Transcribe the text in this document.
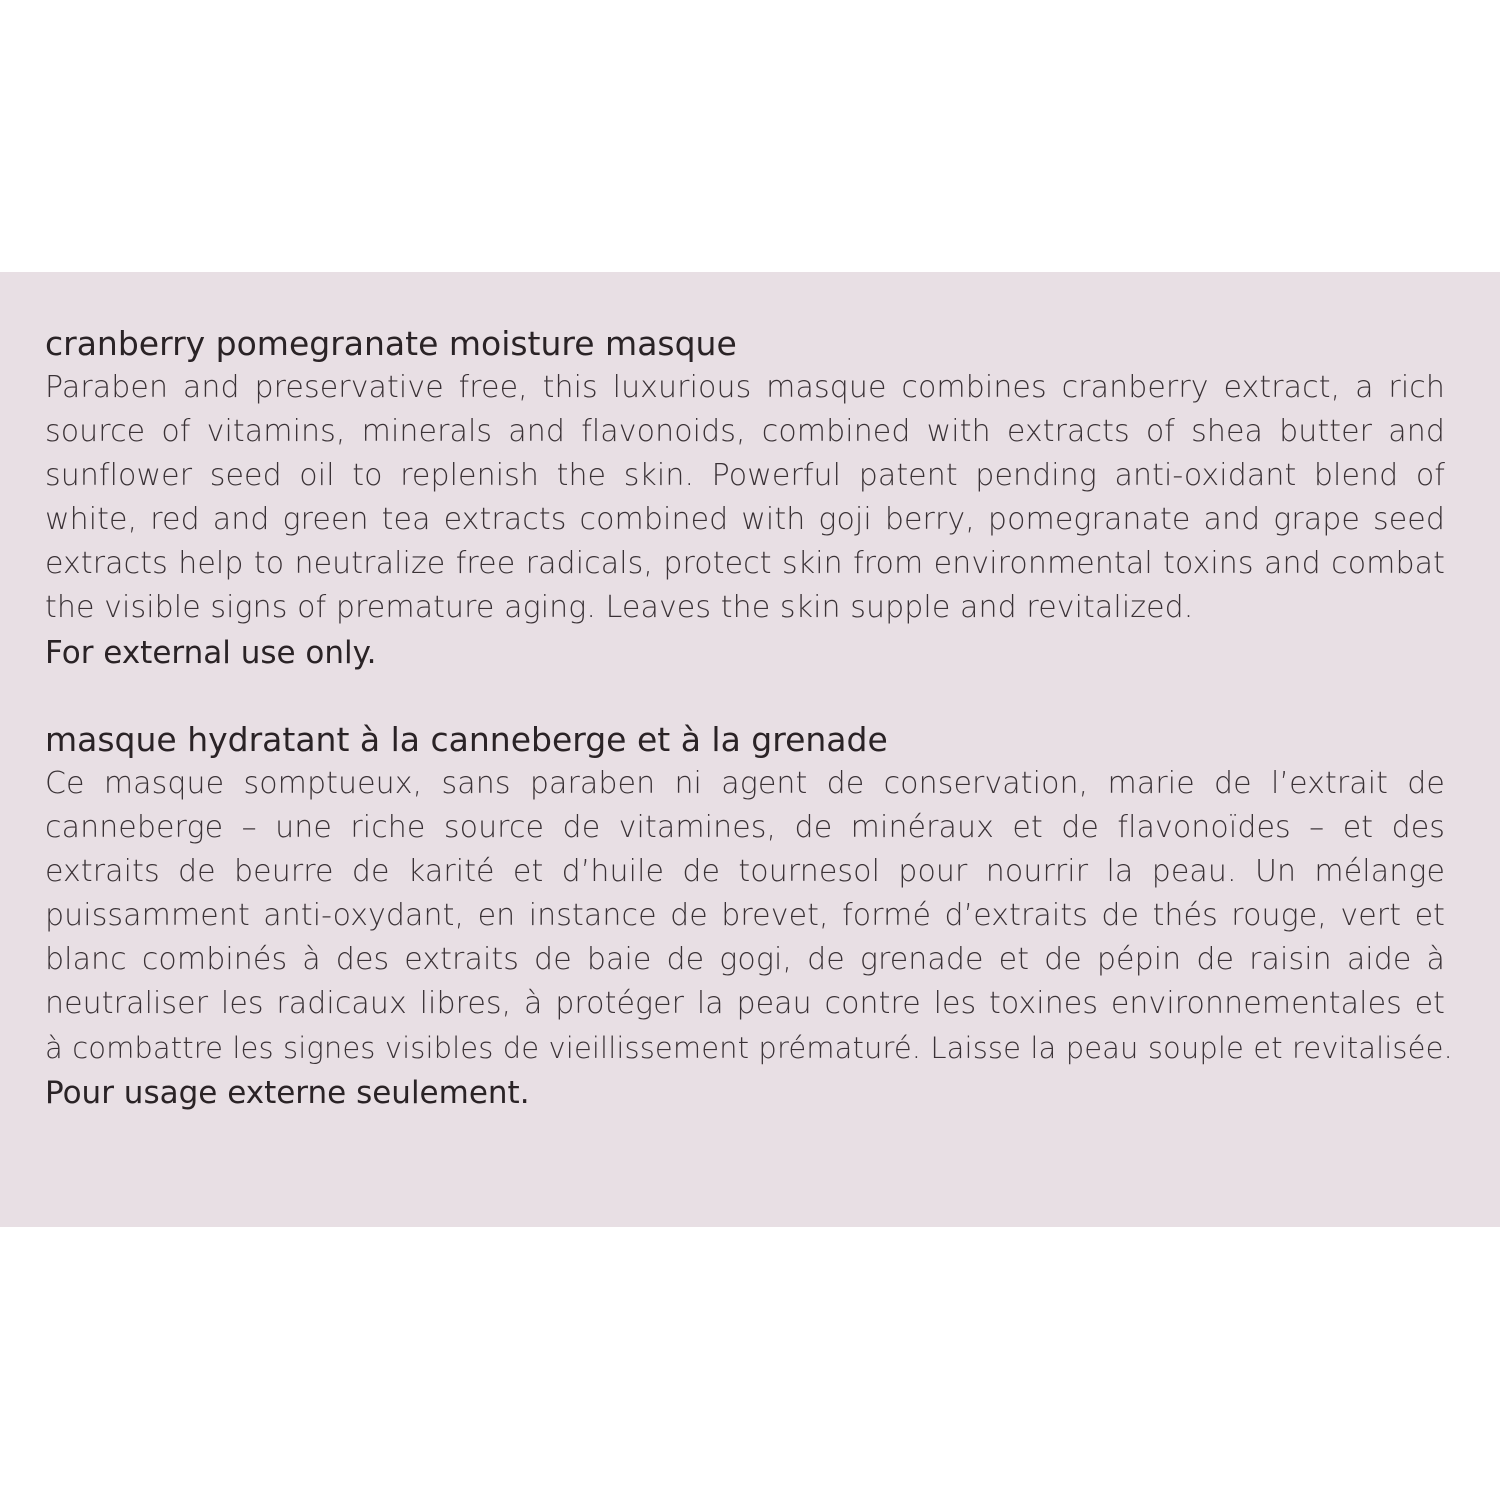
cranberry pomegranate moisture masque

Paraben and preservative free, this luxurious masque combines cranberry extract, a rich
source of vitamins, minerals and flavonoids, combined with extracts of shea butter and
sunflower seed oil to replenish the skin. Powerful patent pending anti-oxidant blend of
white, red and green tea extracts combined with goji berry, pomegranate and grape seed
extracts help to neutralize free radicals, protect skin from environmental toxins and combat
the visible signs of premature aging. Leaves the skin supple and revitalized.

For external use only.

masque hydratant à la canneberge et à la grenade

Ce masque somptueux, sans paraben ni agent de conservation, marie de l’extrait de
canneberge – une riche source de vitamines, de minéraux et de flavonoïdes – et des
extraits de beurre de karité et d’huile de tournesol pour nourrir la peau. Un mélange
puissamment anti-oxydant, en instance de brevet, formé d’extraits de thés rouge, vert et
blanc combinés à des extraits de baie de gogi, de grenade et de pépin de raisin aide à
neutraliser les radicaux libres, à protéger la peau contre les toxines environnementales et
à combattre les signes visibles de vieillissement prématuré. Laisse la peau souple et revitalisée.

Pour usage externe seulement.
